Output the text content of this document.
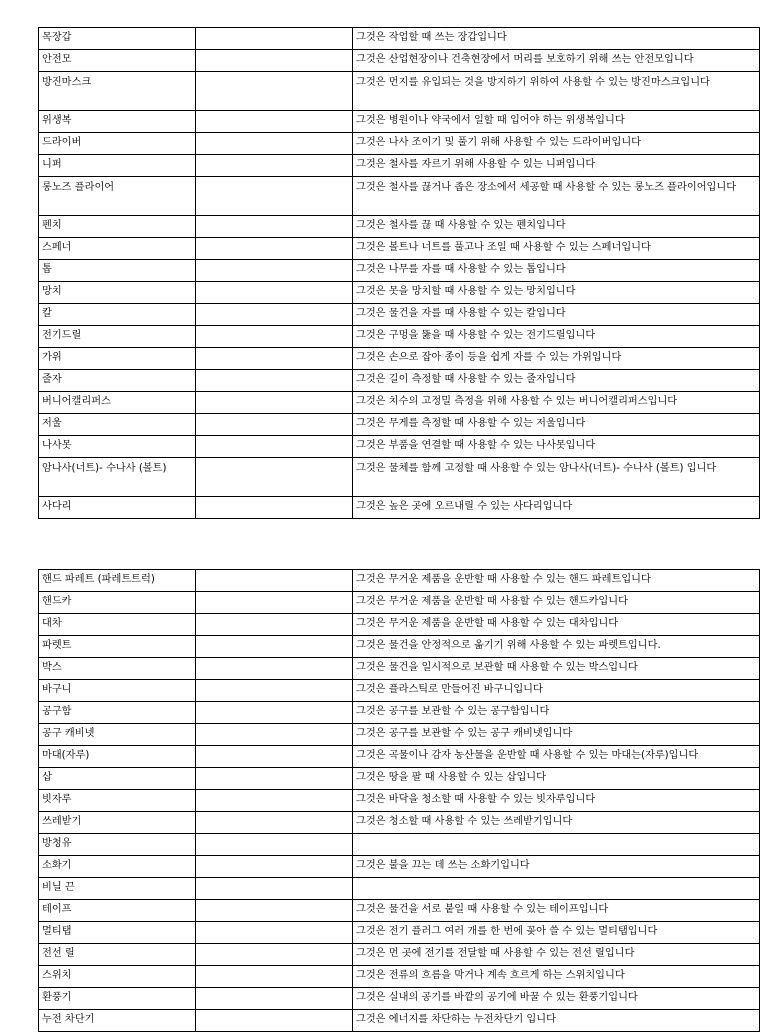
목장갑		그것은 작업할 때 쓰는 장갑입니다
안전모		그것은 산업현장이나 건축현장에서 머리를 보호하기 위해 쓰는 안전모입니다
방진마스크		그것은 먼지를 유입되는 것을 방지하기 위하여 사용할 수 있는 방진마스크입니다
위생복		그것은 병원이나 약국에서 일할 때 입어야 하는 위생복입니다
드라이버		그것은 나사 조이기 및 풀기 위해 사용할 수 있는 드라이버입니다
니퍼		그것은 철사를 자르기 위해 사용할 수 있는 니퍼입니다
롱노즈 플라이어		그것은 철사를 끊거나 좁은 장소에서 세공할 때 사용할 수 있는 롱노즈 플라이어입니다
펜치		그것은 철사를 끊 때 사용할 수 있는 펜치입니다
스페너		그것은 볼트나 너트를 풀고나 조일 때 사용할 수 있는 스페너입니다
톱		그것은 나무를 자를 때 사용할 수 있는 톱입니다
망치		그것은 못을 망치할 때 사용할 수 있는 망치입니다
칼		그것은 물건을 자를 때 사용할 수 있는 칼입니다
전기드릴		그것은 구멍을 뚫을 때 사용할 수 있는 전기드릴입니다
가위		그것은 손으로 잡아 종이 등을 쉽게 자를 수 있는 가위입니다
줄자		그것은 길이 측정할 때 사용할 수 있는 줄자입니다
버니어캘리퍼스		그것은 치수의 고정밀 측정을 위해 사용할 수 있는 버니어캘리퍼스입니다
저울		그것은 무게를 측정할 때 사용할 수 있는 저울입니다
나사못		그것은 부품을 연결할 때 사용할 수 있는 나사못입니다
암나사(너트)- 수나사 (볼트)		그것은 물체를 함께 고정할 때 사용할 수 있는 암나사(너트)- 수나사 (볼트) 입니다
사다리		그것은 높은 곳에 오르내릴 수 있는 사다리입니다
핸드 파레트 (파레트트럭)		그것은 무거운 제품을 운반할 때 사용할 수 있는 핸드 파레트입니다
핸드카		그것은 무거운 제품을 운반할 때 사용할 수 있는 핸드카입니다
대차		그것은 무거운 제품을 운반할 때 사용할 수 있는 대차입니다
파렛트		그것은 물건을 안정적으로 옮기기 위해 사용할 수 있는 파렛트입니다.
박스		그것은 물건을 일시적으로 보관할 때 사용할 수 있는 박스입니다
바구니		그것은 플라스틱로 만들어진 바구니입니다
공구함		그것은 공구를 보관할 수 있는 공구함입니다
공구 캐비넷		그것은 공구를 보관할 수 있는 공구 캐비넷입니다
마대(자루)		그것은 곡물이나 감자 농산물을 운반할 때 사용할 수 있는 마대는(자루)입니다
삽		그것은 땅을 팔 때 사용할 수 있는 삽입니다
빗자루		그것은 바닥을 청소할 때 사용할 수 있는 빗자루입니다
쓰레받기		그것은 청소할 때 사용할 수 있는 쓰레받기입니다
방청유		
소화기		그것은 불을 끄는 데 쓰는 소화기입니다
비닐 끈		
테이프		그것은 물건을 서로 붙일 때 사용할 수 있는 테이프입니다
멀티탭		그것은 전기 플러그 여러 개를 한 번에 꽂아 쓸 수 있는 멀티탭입니다
전선 릴		그것은 먼 곳에 전기를 전달할 때 사용할 수 있는 전선 릴입니다
스위치		그것은 전류의 흐름을 막거나 계속 흐르게 하는 스위치입니다
환풍기		그것은 실내의 공기를 바깥의 공기에 바꿀 수 있는 환풍기입니다
누전 차단기		그것은 에너지를 차단하는 누전차단기 입니다
